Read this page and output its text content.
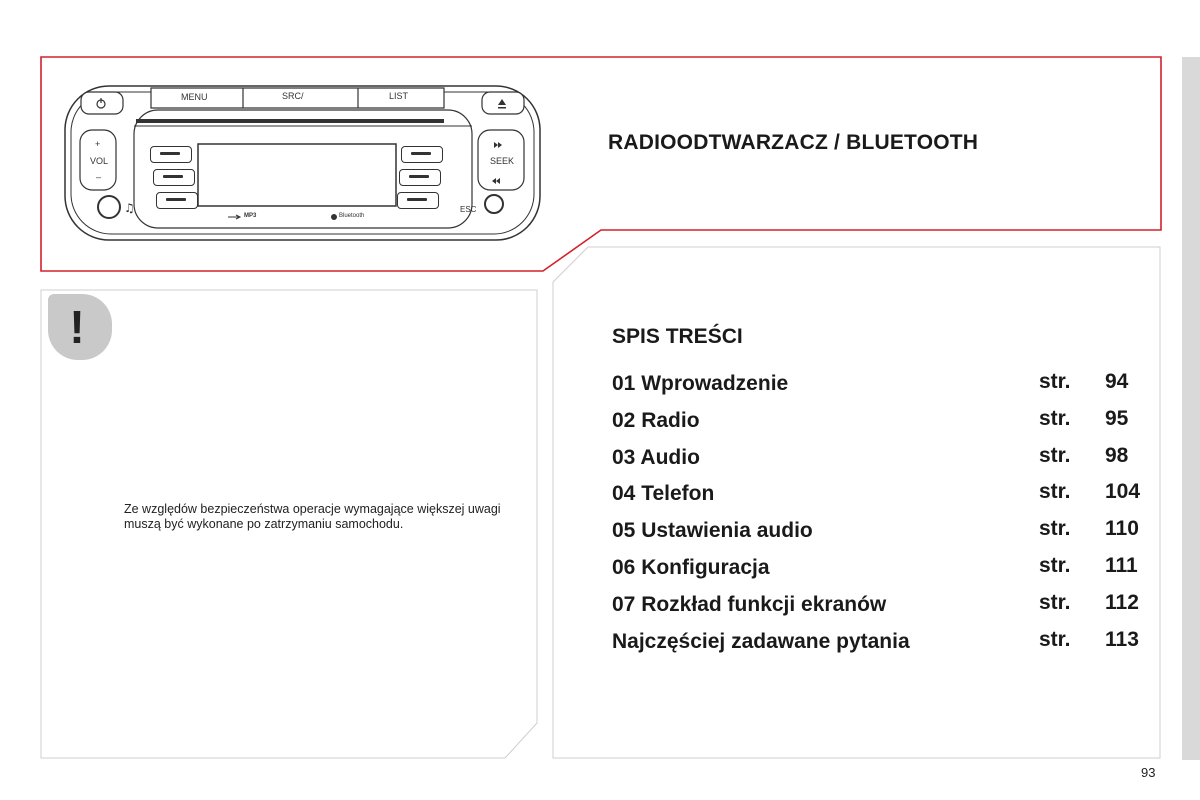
♫
MENU	SRC/	LIST
+
VOL
–
SEEK
ESC
MP3	Bluetooth
RADIOODTWARZACZ / BLUETOOTH
!
Ze względów bezpieczeństwa operacje wymagające większej uwagi muszą być wykonane po zatrzymaniu samochodu.
SPIS TREŚCI
01 Wprowadzenie	str. 94
02 Radio	str. 95
03 Audio	str. 98
04 Telefon	str. 104
05 Ustawienia audio	str. 110
06 Konfiguracja	str. 111
07 Rozkład funkcji ekranów	str. 112
Najczęściej zadawane pytania	str. 113
93
